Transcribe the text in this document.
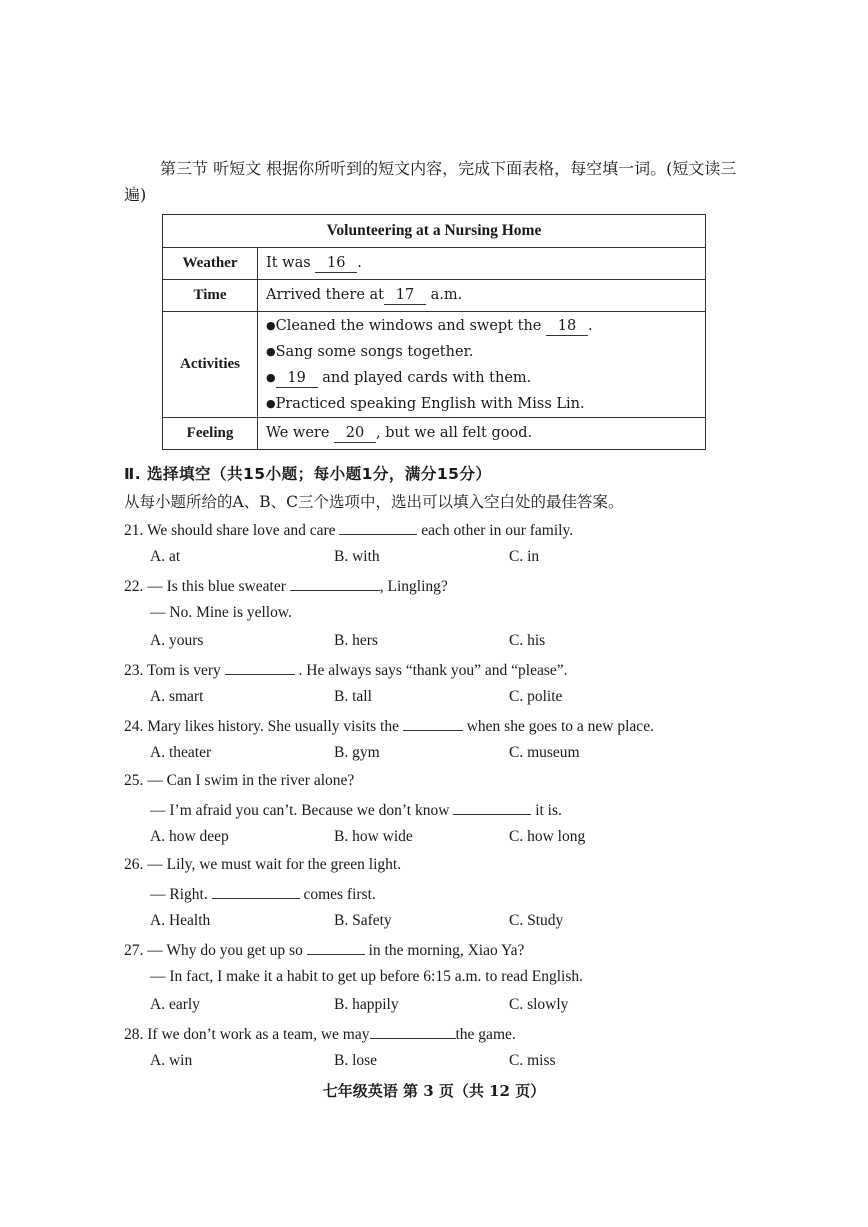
第三节 听短文 根据你所听到的短文内容，完成下面表格，每空填一词。(短文读三遍)
Volunteering at a Nursing Home	
Weather	It was 16 .
Time	Arrived there at 17 a.m.
Activities	●Cleaned the windows and swept the 18 .
●Sang some songs together.
● 19 and played cards with them.
●Practiced speaking English with Miss Lin.

Feeling	We were 20 , but we all felt good.
Ⅱ. 选择填空（共15小题；每小题1分，满分15分）
从每小题所给的A、B、C三个选项中，选出可以填入空白处的最佳答案。
21. We should share love and care	each other in our family.
A. at	B. with	C. in
22. — Is this blue sweater	, Lingling?
— No. Mine is yellow.
A. yours	B. hers	C. his
23. Tom is very	. He always says “thank you” and “please”.
A. smart	B. tall	C. polite
24. Mary likes history. She usually visits the	when she goes to a new place.
A. theater	B. gym	C. museum
25. — Can I swim in the river alone?
— I’m afraid you can’t. Because we don’t know	it is.
A. how deep	B. how wide	C. how long
26. — Lily, we must wait for the green light.
— Right.	comes first.
A. Health	B. Safety	C. Study
27. — Why do you get up so	in the morning, Xiao Ya?
— In fact, I make it a habit to get up before 6:15 a.m. to read English.
A. early	B. happily	C. slowly
28. If we don’t work as a team, we may	the game.
A. win	B. lose	C. miss
七年级英语 第 3 页（共 12 页）
